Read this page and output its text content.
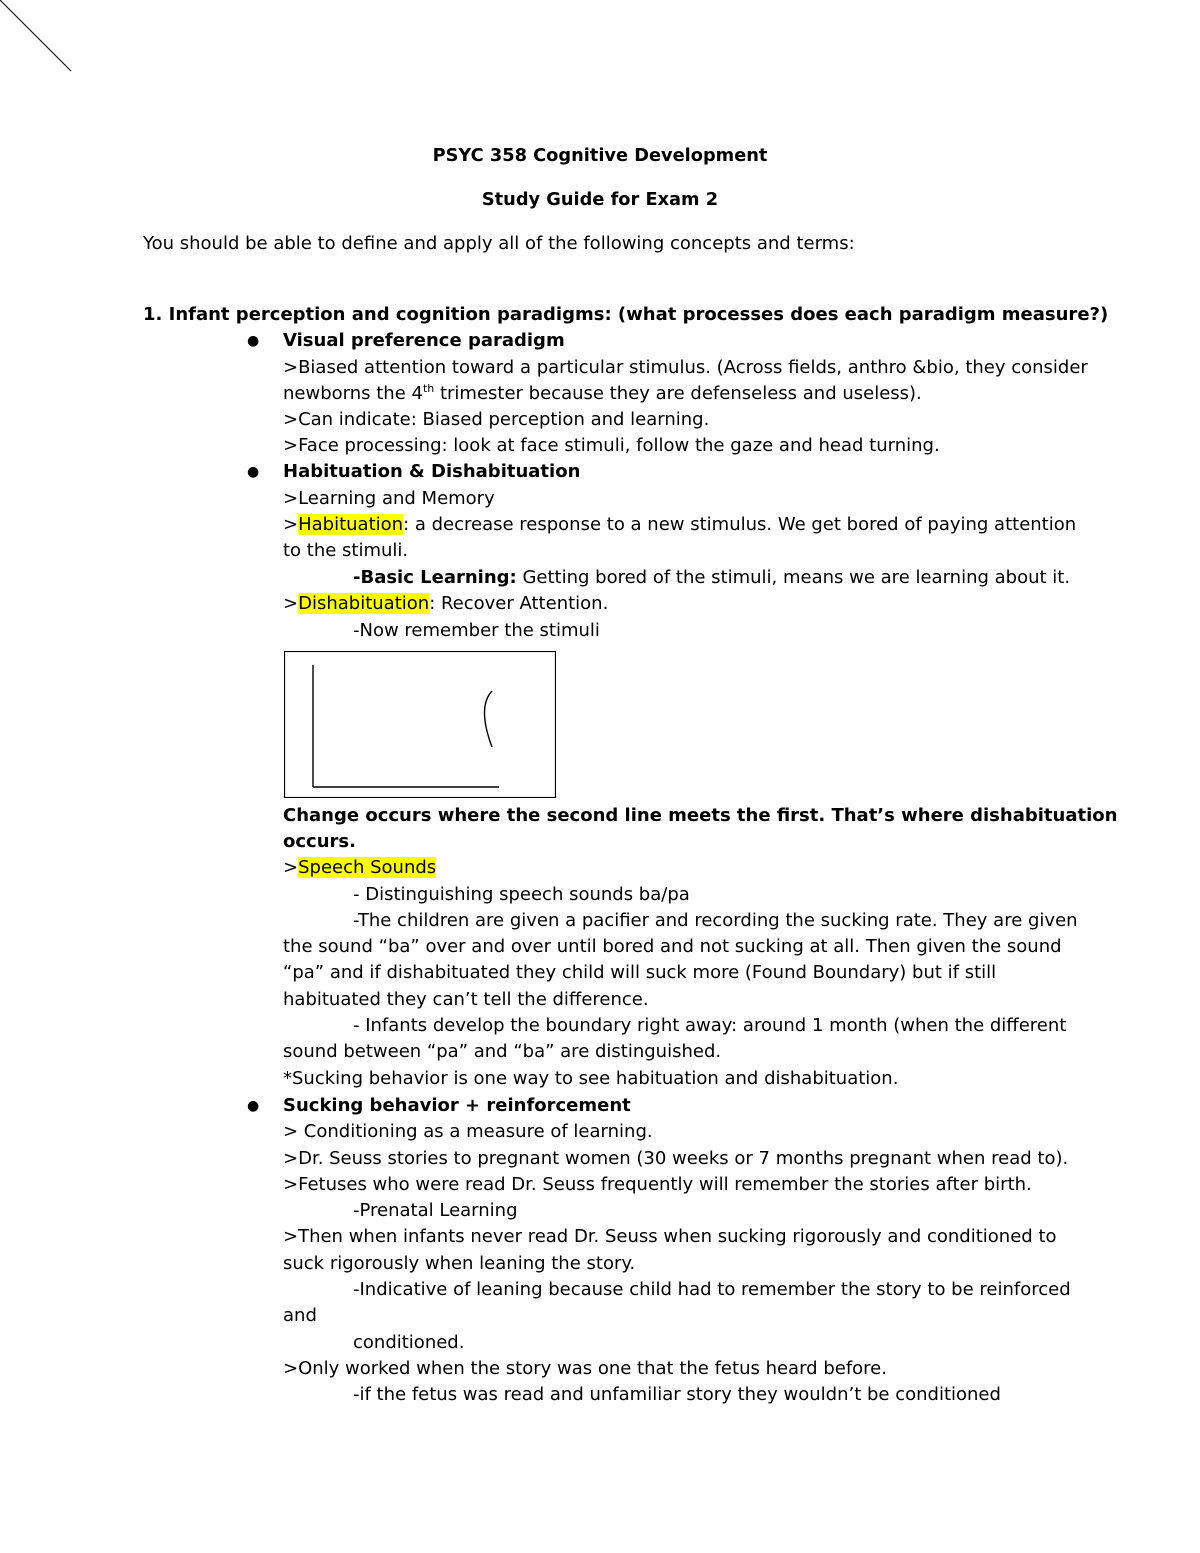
PSYC 358 Cognitive Development
Study Guide for Exam 2
You should be able to define and apply all of the following concepts and terms:
1. Infant perception and cognition paradigms: (what processes does each paradigm measure?)
● Visual preference paradigm
>Biased attention toward a particular stimulus. (Across fields, anthro &bio, they consider
newborns the 4th trimester because they are defenseless and useless).
>Can indicate: Biased perception and learning.
>Face processing: look at face stimuli, follow the gaze and head turning.
● Habituation & Dishabituation
>Learning and Memory
>Habituation: a decrease response to a new stimulus. We get bored of paying attention
to the stimuli.
-Basic Learning: Getting bored of the stimuli, means we are learning about it.
>Dishabituation: Recover Attention.
-Now remember the stimuli
Change occurs where the second line meets the first. That’s where dishabituation
occurs.
>Speech Sounds
- Distinguishing speech sounds ba/pa
-The children are given a pacifier and recording the sucking rate. They are given
the sound “ba” over and over until bored and not sucking at all. Then given the sound
“pa” and if dishabituated they child will suck more (Found Boundary) but if still
habituated they can’t tell the difference.
- Infants develop the boundary right away: around 1 month (when the different
sound between “pa” and “ba” are distinguished.
*Sucking behavior is one way to see habituation and dishabituation.
● Sucking behavior + reinforcement
> Conditioning as a measure of learning.
>Dr. Seuss stories to pregnant women (30 weeks or 7 months pregnant when read to).
>Fetuses who were read Dr. Seuss frequently will remember the stories after birth.
-Prenatal Learning
>Then when infants never read Dr. Seuss when sucking rigorously and conditioned to
suck rigorously when leaning the story.
-Indicative of leaning because child had to remember the story to be reinforced
and
conditioned.
>Only worked when the story was one that the fetus heard before.
-if the fetus was read and unfamiliar story they wouldn’t be conditioned
